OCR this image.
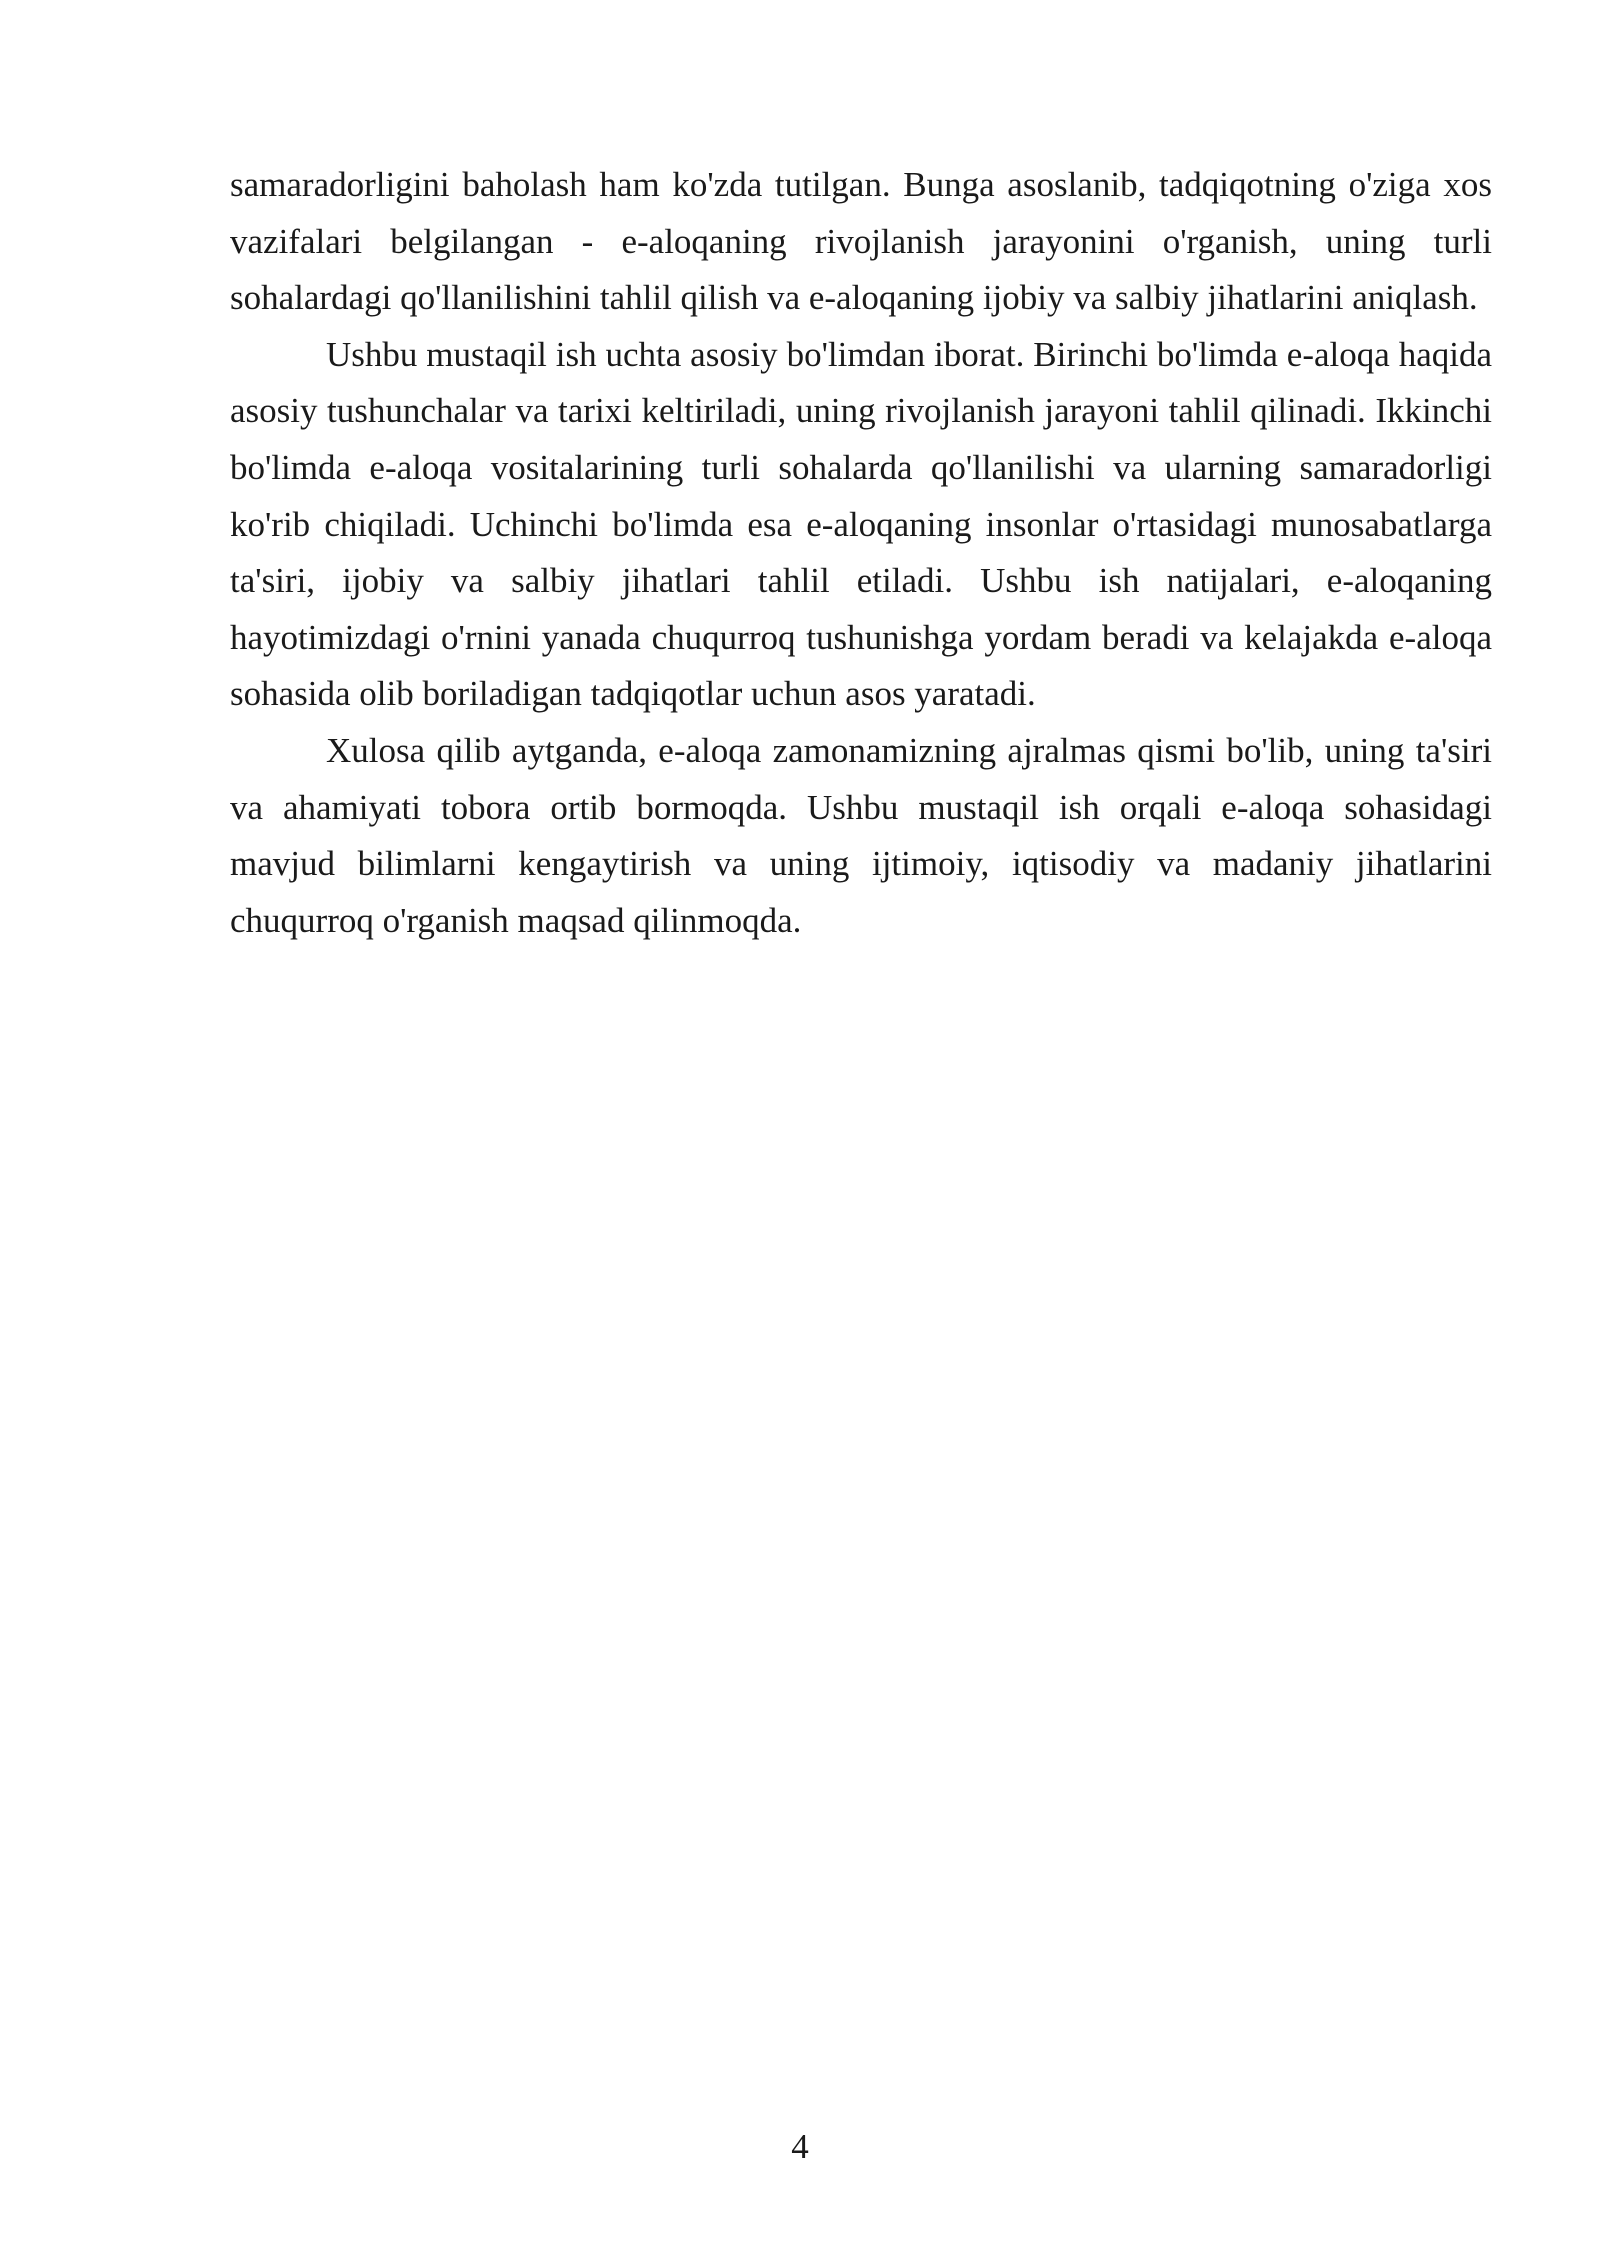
samaradorligini baholash ham ko'zda tutilgan. Bunga asoslanib, tadqiqotning o'ziga xos vazifalari belgilangan - e-aloqaning rivojlanish jarayonini o'rganish, uning turli sohalardagi qo'llanilishini tahlil qilish va e-aloqaning ijobiy va salbiy jihatlarini aniqlash.

Ushbu mustaqil ish uchta asosiy bo'limdan iborat. Birinchi bo'limda e-aloqa haqida asosiy tushunchalar va tarixi keltiriladi, uning rivojlanish jarayoni tahlil qilinadi. Ikkinchi bo'limda e-aloqa vositalarining turli sohalarda qo'llanilishi va ularning samaradorligi ko'rib chiqiladi. Uchinchi bo'limda esa e-aloqaning insonlar o'rtasidagi munosabatlarga ta'siri, ijobiy va salbiy jihatlari tahlil etiladi. Ushbu ish natijalari, e-aloqaning hayotimizdagi o'rnini yanada chuqurroq tushunishga yordam beradi va kelajakda e-aloqa sohasida olib boriladigan tadqiqotlar uchun asos yaratadi.

Xulosa qilib aytganda, e-aloqa zamonamizning ajralmas qismi bo'lib, uning ta'siri va ahamiyati tobora ortib bormoqda. Ushbu mustaqil ish orqali e-aloqa sohasidagi mavjud bilimlarni kengaytirish va uning ijtimoiy, iqtisodiy va madaniy jihatlarini chuqurroq o'rganish maqsad qilinmoqda.

4
